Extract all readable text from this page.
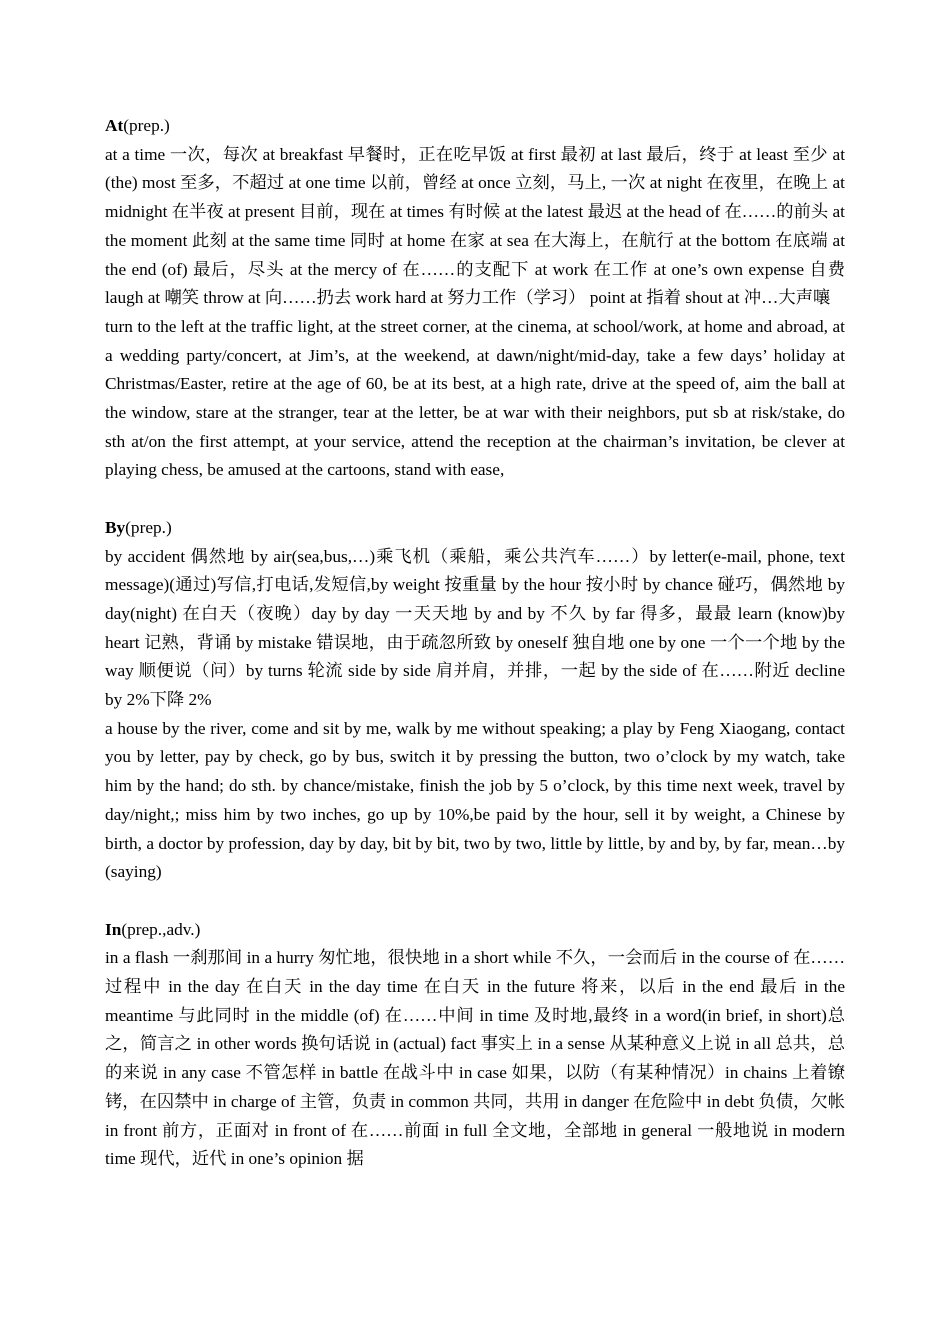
At(prep.)

at a time 一次，每次 at breakfast 早餐时，正在吃早饭 at first 最初 at last 最后，终于 at least 至少 at (the) most 至多，不超过 at one time 以前，曾经 at once 立刻，马上, 一次 at night 在夜里，在晚上 at midnight 在半夜 at present 目前，现在 at times 有时候 at the latest 最迟 at the head of 在……的前头 at the moment 此刻 at the same time 同时 at home 在家 at sea 在大海上，在航行 at the bottom 在底端 at the end (of) 最后，尽头 at the mercy of 在……的支配下 at work 在工作 at one’s own expense 自费 laugh at 嘲笑 throw at 向……扔去 work hard at 努力工作（学习） point at 指着 shout at 冲…大声嚷

turn to the left at the traffic light, at the street corner, at the cinema, at school/work, at home and abroad, at a wedding party/concert, at Jim’s, at the weekend, at dawn/night/mid-day, take a few days’ holiday at Christmas/Easter, retire at the age of 60, be at its best, at a high rate, drive at the speed of, aim the ball at the window, stare at the stranger, tear at the letter, be at war with their neighbors, put sb at risk/stake, do sth at/on the first attempt, at your service, attend the reception at the chairman’s invitation, be clever at playing chess, be amused at the cartoons, stand with ease,

By(prep.)

by accident 偶然地 by air(sea,bus,…)乘飞机（乘船，乘公共汽车……）by letter(e-mail, phone, text message)(通过)写信,打电话,发短信,by weight 按重量 by the hour 按小时 by chance 碰巧，偶然地 by day(night) 在白天（夜晚）day by day 一天天地 by and by 不久 by far 得多，最最 learn (know)by heart 记熟，背诵 by mistake 错误地，由于疏忽所致 by oneself 独自地 one by one 一个一个地 by the way 顺便说（问）by turns 轮流 side by side 肩并肩，并排，一起 by the side of 在……附近 decline by 2%下降 2%

a house by the river, come and sit by me, walk by me without speaking; a play by Feng Xiaogang, contact you by letter, pay by check, go by bus, switch it by pressing the button, two o’clock by my watch, take him by the hand; do sth. by chance/mistake, finish the job by 5 o’clock, by this time next week, travel by day/night,; miss him by two inches, go up by 10%,be paid by the hour, sell it by weight, a Chinese by birth, a doctor by profession, day by day, bit by bit, two by two, little by little, by and by, by far, mean…by (saying)

In(prep.,adv.)

in a flash 一刹那间 in a hurry 匆忙地，很快地 in a short while 不久，一会而后 in the course of 在……过程中 in the day 在白天 in the day time 在白天 in the future 将来，以后 in the end 最后 in the meantime 与此同时 in the middle (of) 在……中间 in time 及时地,最终 in a word(in brief, in short)总之，简言之 in other words 换句话说 in (actual) fact 事实上 in a sense 从某种意义上说 in all 总共，总的来说 in any case 不管怎样 in battle 在战斗中 in case 如果，以防（有某种情况）in chains 上着镣铐，在囚禁中 in charge of 主管，负责 in common 共同，共用 in danger 在危险中 in debt 负债，欠帐 in front 前方，正面对 in front of 在……前面 in full 全文地，全部地 in general 一般地说 in modern time 现代，近代 in one’s opinion 据
